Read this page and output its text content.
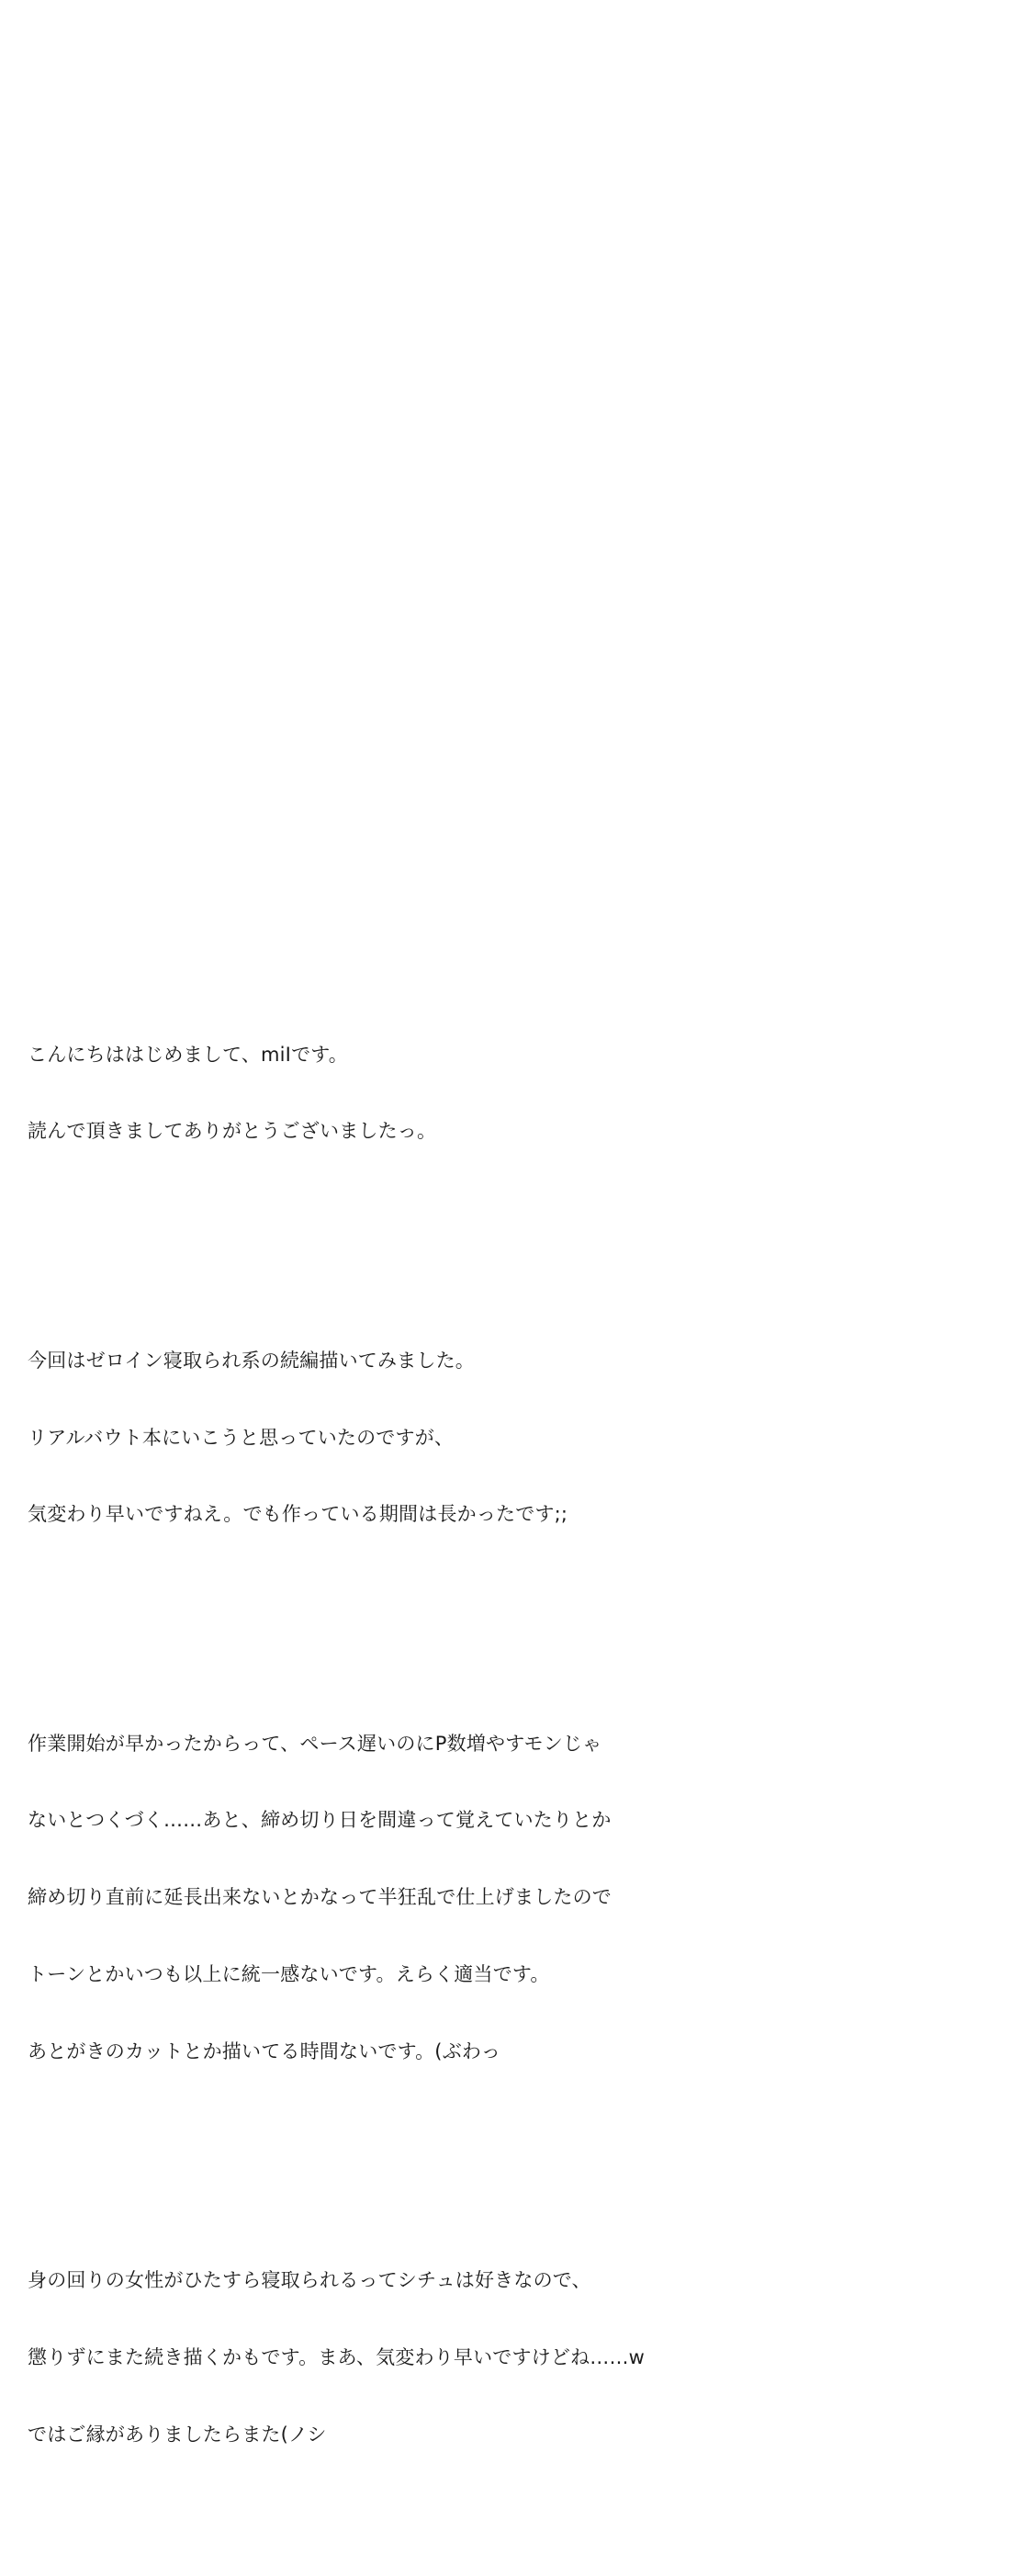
こんにちははじめまして、miIです。

読んで頂きましてありがとうございましたっ。

今回はゼロイン寝取られ系の続編描いてみました。

リアルバウト本にいこうと思っていたのですが、

気変わり早いですねえ。でも作っている期間は長かったです;;

作業開始が早かったからって、ペース遅いのにP数増やすモンじゃ

ないとつくづく……あと、締め切り日を間違って覚えていたりとか

締め切り直前に延長出来ないとかなって半狂乱で仕上げましたので

トーンとかいつも以上に統一感ないです。えらく適当です。

あとがきのカットとか描いてる時間ないです。(ぶわっ

身の回りの女性がひたすら寝取られるってシチュは好きなので、

懲りずにまた続き描くかもです。まあ、気変わり早いですけどね……w

ではご縁がありましたらまた(ノシ
